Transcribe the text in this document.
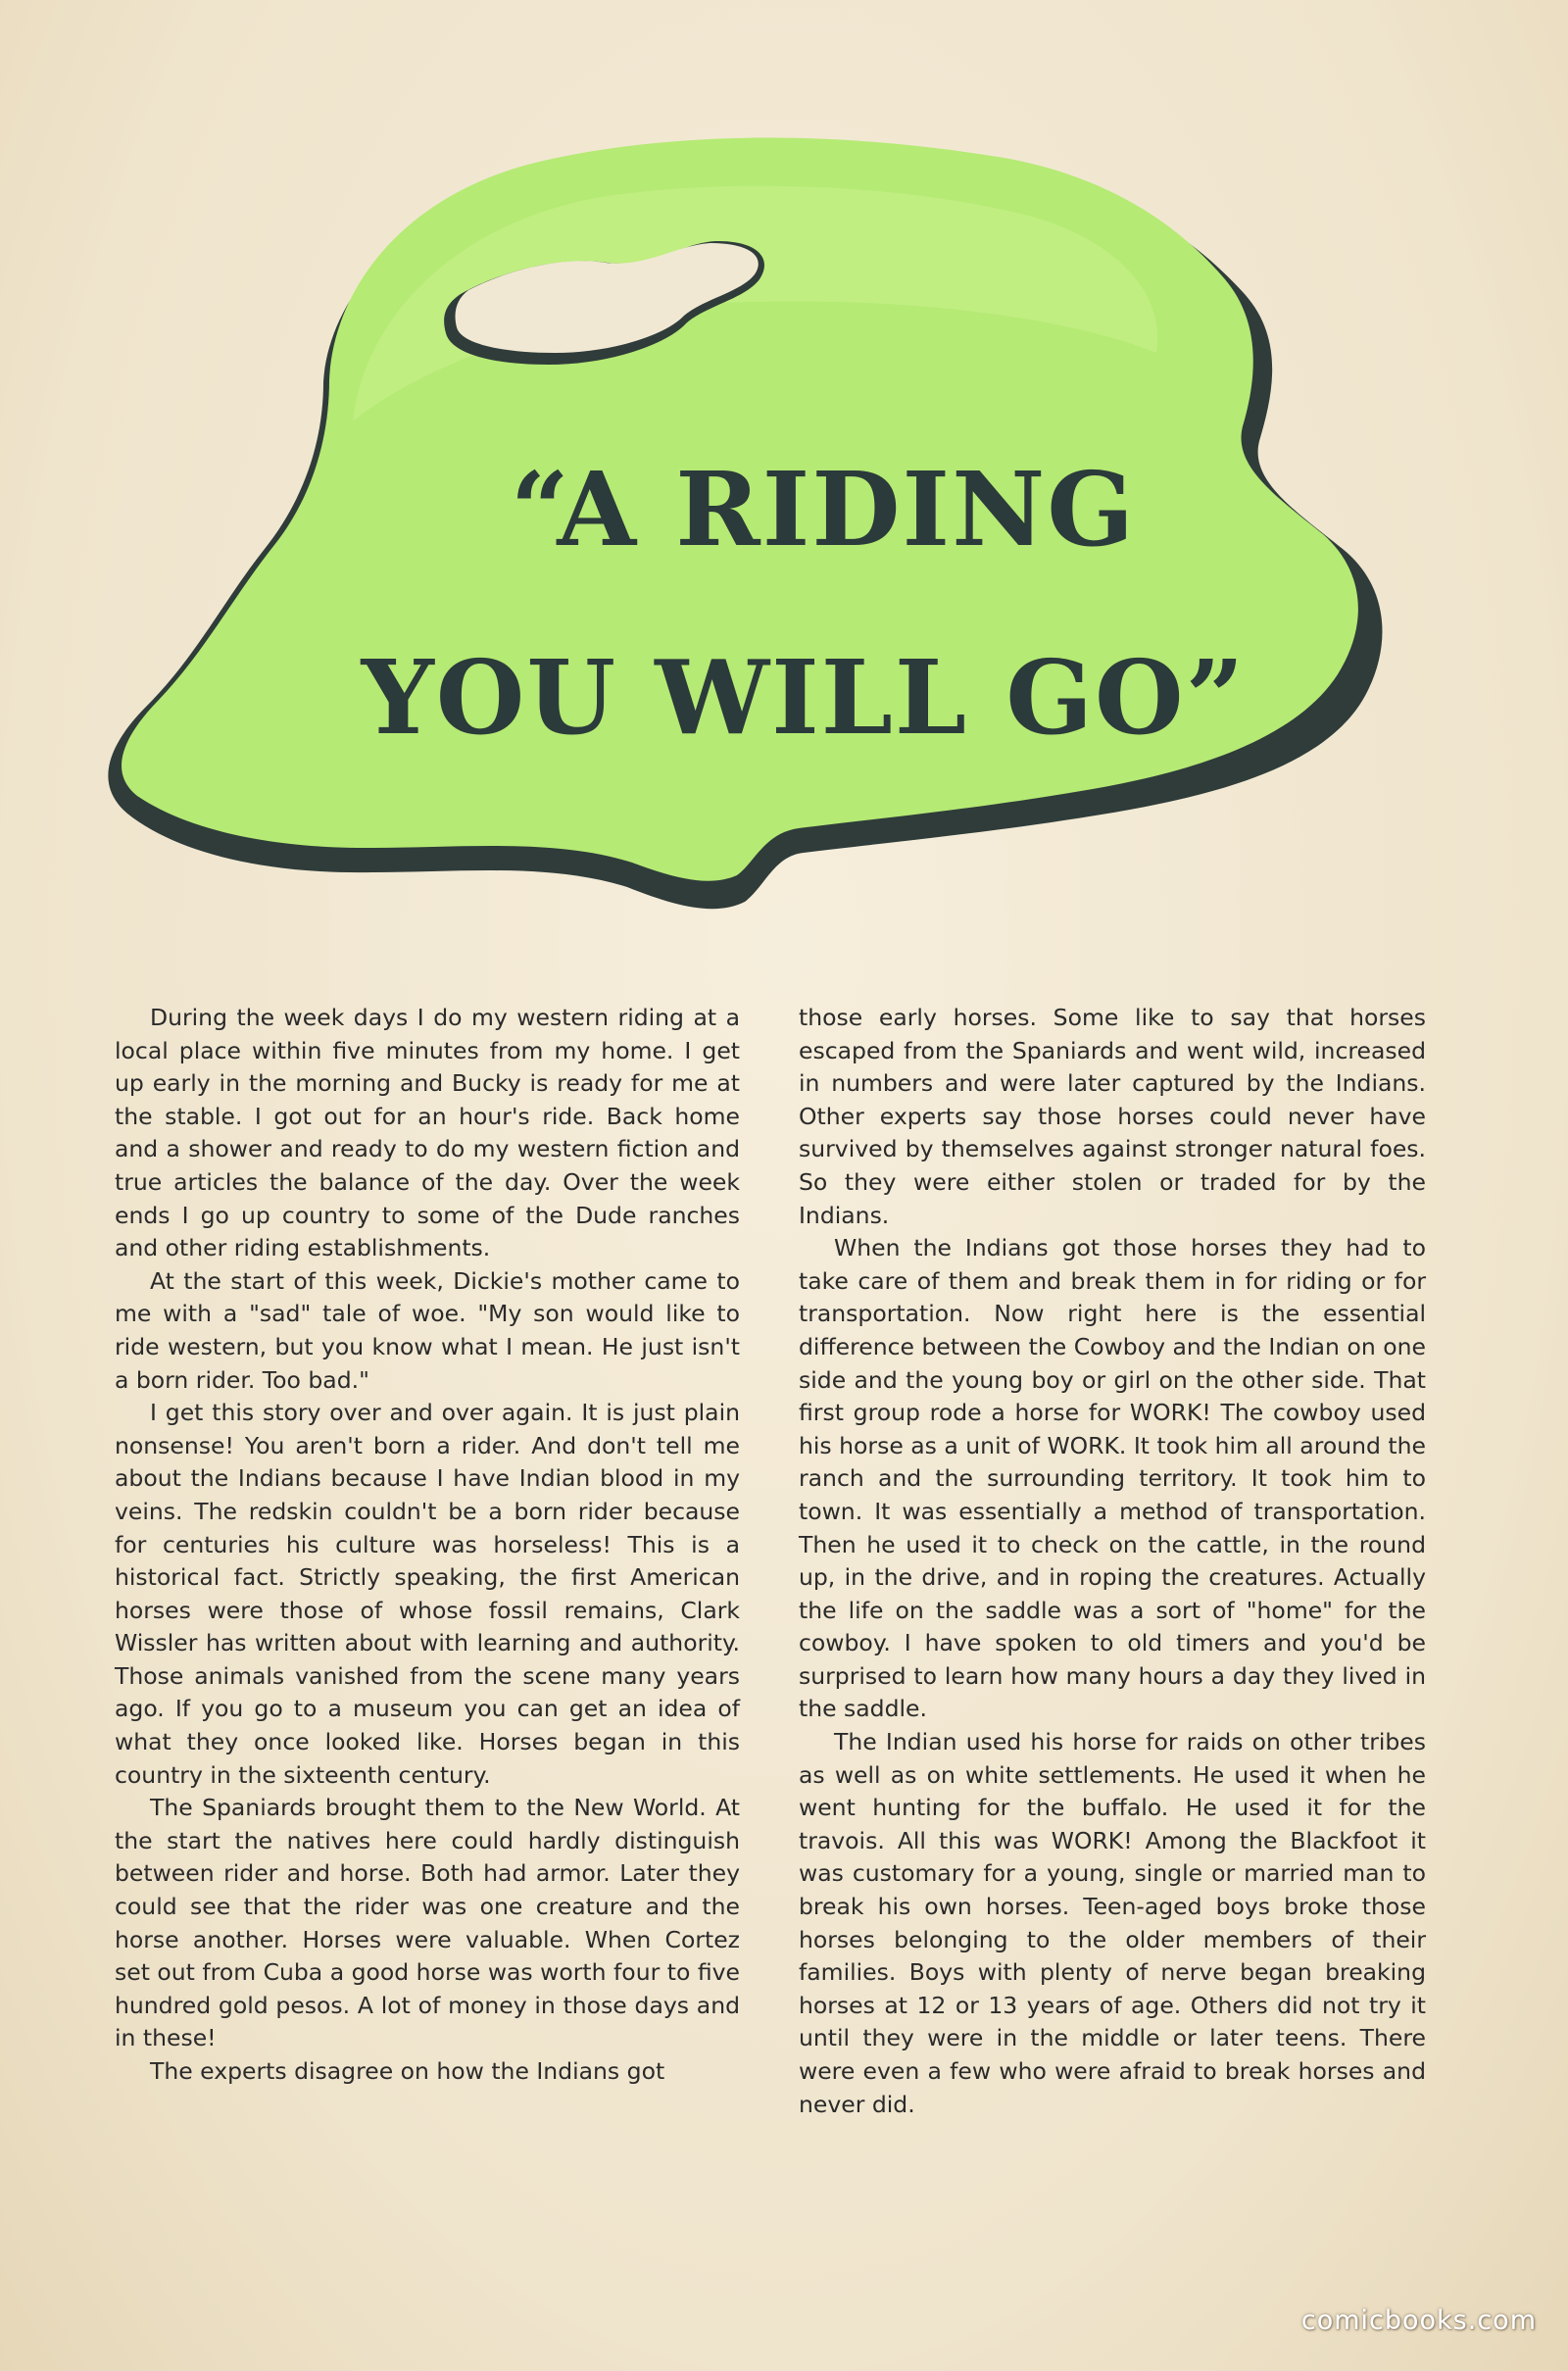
“A RIDING
YOU WILL GO”

During the week days I do my western riding at a local place within five minutes from my home. I get up early in the morning and Bucky is ready for me at the stable. I got out for an hour's ride. Back home and a shower and ready to do my western fiction and true articles the balance of the day. Over the week ends I go up country to some of the Dude ranches and other riding establishments.

At the start of this week, Dickie's mother came to me with a "sad" tale of woe. "My son would like to ride western, but you know what I mean. He just isn't a born rider. Too bad."

I get this story over and over again. It is just plain nonsense! You aren't born a rider. And don't tell me about the Indians because I have Indian blood in my veins. The redskin couldn't be a born rider because for centuries his culture was horseless! This is a historical fact. Strictly speaking, the first American horses were those of whose fossil remains, Clark Wissler has written about with learning and authority. Those animals vanished from the scene many years ago. If you go to a museum you can get an idea of what they once looked like. Horses began in this country in the sixteenth century.

The Spaniards brought them to the New World. At the start the natives here could hardly distinguish between rider and horse. Both had armor. Later they could see that the rider was one creature and the horse another. Horses were valuable. When Cortez set out from Cuba a good horse was worth four to five hundred gold pesos. A lot of money in those days and in these!

The experts disagree on how the Indians got

those early horses. Some like to say that horses escaped from the Spaniards and went wild, increased in numbers and were later captured by the Indians. Other experts say those horses could never have survived by themselves against stronger natural foes. So they were either stolen or traded for by the Indians.

When the Indians got those horses they had to take care of them and break them in for riding or for transportation. Now right here is the essential difference between the Cowboy and the Indian on one side and the young boy or girl on the other side. That first group rode a horse for WORK! The cowboy used his horse as a unit of WORK. It took him all around the ranch and the surrounding territory. It took him to town. It was essentially a method of transportation. Then he used it to check on the cattle, in the round up, in the drive, and in roping the creatures. Actually the life on the saddle was a sort of "home" for the cowboy. I have spoken to old timers and you'd be surprised to learn how many hours a day they lived in the saddle.

The Indian used his horse for raids on other tribes as well as on white settlements. He used it when he went hunting for the buffalo. He used it for the travois. All this was WORK! Among the Blackfoot it was customary for a young, single or married man to break his own horses. Teen-aged boys broke those horses belonging to the older members of their families. Boys with plenty of nerve began breaking horses at 12 or 13 years of age. Others did not try it until they were in the middle or later teens. There were even a few who were afraid to break horses and never did.

comicbooks.com
